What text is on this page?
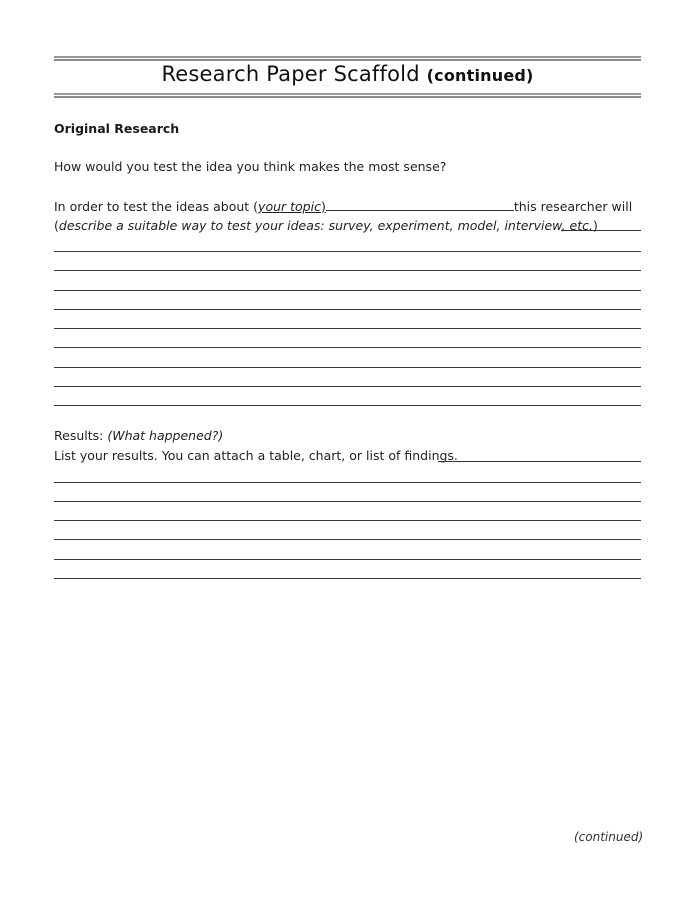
Research Paper Scaffold (continued)
Original Research
How would you test the idea you think makes the most sense?
In order to test the ideas about (your topic)	this researcher will
(describe a suitable way to test your ideas: survey, experiment, model, interview, etc.)
Results: (What happened?)
List your results. You can attach a table, chart, or list of findings.
(continued)
